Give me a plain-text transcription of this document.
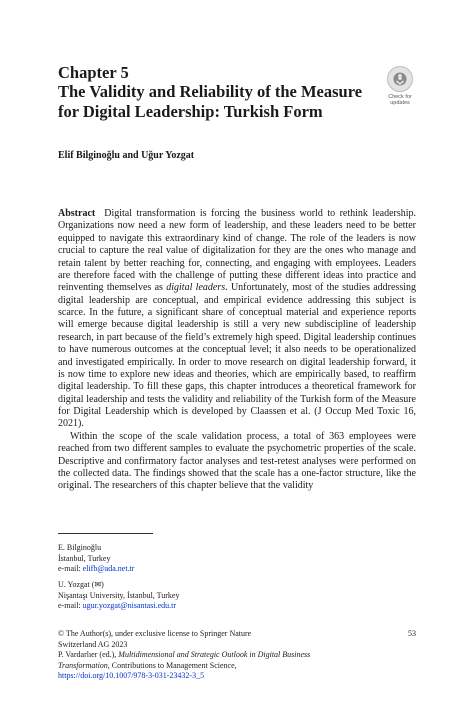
Chapter 5
The Validity and Reliability of the Measure
for Digital Leadership: Turkish Form
Check for
updates
Elif Bilginoğlu and Uğur Yozgat

Abstract Digital transformation is forcing the business world to rethink leadership. Organizations now need a new form of leadership, and these leaders need to be better equipped to navigate this extraordinary kind of change. The role of the leaders is now crucial to capture the real value of digitalization for they are the ones who manage and retain talent by better reaching for, connecting, and engaging with employees. Leaders are therefore faced with the challenge of putting these different ideas into practice and reinventing themselves as digital leaders. Unfortunately, most of the studies addressing digital leadership are conceptual, and empirical evidence addressing this subject is scarce. In the future, a significant share of conceptual material and experience reports will emerge because digital leadership is still a very new subdiscipline of leadership research, in part because of the field’s extremely high speed. Digital leadership continues to have numerous outcomes at the conceptual level; it also needs to be operationalized and investigated empirically. In order to move research on digital leadership forward, it is now time to explore new ideas and theories, which are empirically based, to reaffirm digital leadership. To fill these gaps, this chapter introduces a theoretical framework for digital leadership and tests the validity and reliability of the Turkish form of the Measure for Digital Leadership which is developed by Claassen et al. (J Occup Med Toxic 16, 2021).

Within the scope of the scale validation process, a total of 363 employees were reached from two different samples to evaluate the psychometric properties of the scale. Descriptive and confirmatory factor analyses and test-retest analyses were performed on the collected data. The findings showed that the scale has a one-factor structure, like the original. The researchers of this chapter believe that the validity

E. Bilginoğlu
İstanbul, Turkey
e-mail: elifb@ada.net.tr
U. Yozgat (✉)
Nişantaşı University, İstanbul, Turkey
e-mail: ugur.yozgat@nisantasi.edu.tr
© The Author(s), under exclusive license to Springer Nature	53
Switzerland AG 2023
P. Vardarlıer (ed.), Multidimensional and Strategic Outlook in Digital Business
Transformation, Contributions to Management Science,
https://doi.org/10.1007/978-3-031-23432-3_5
